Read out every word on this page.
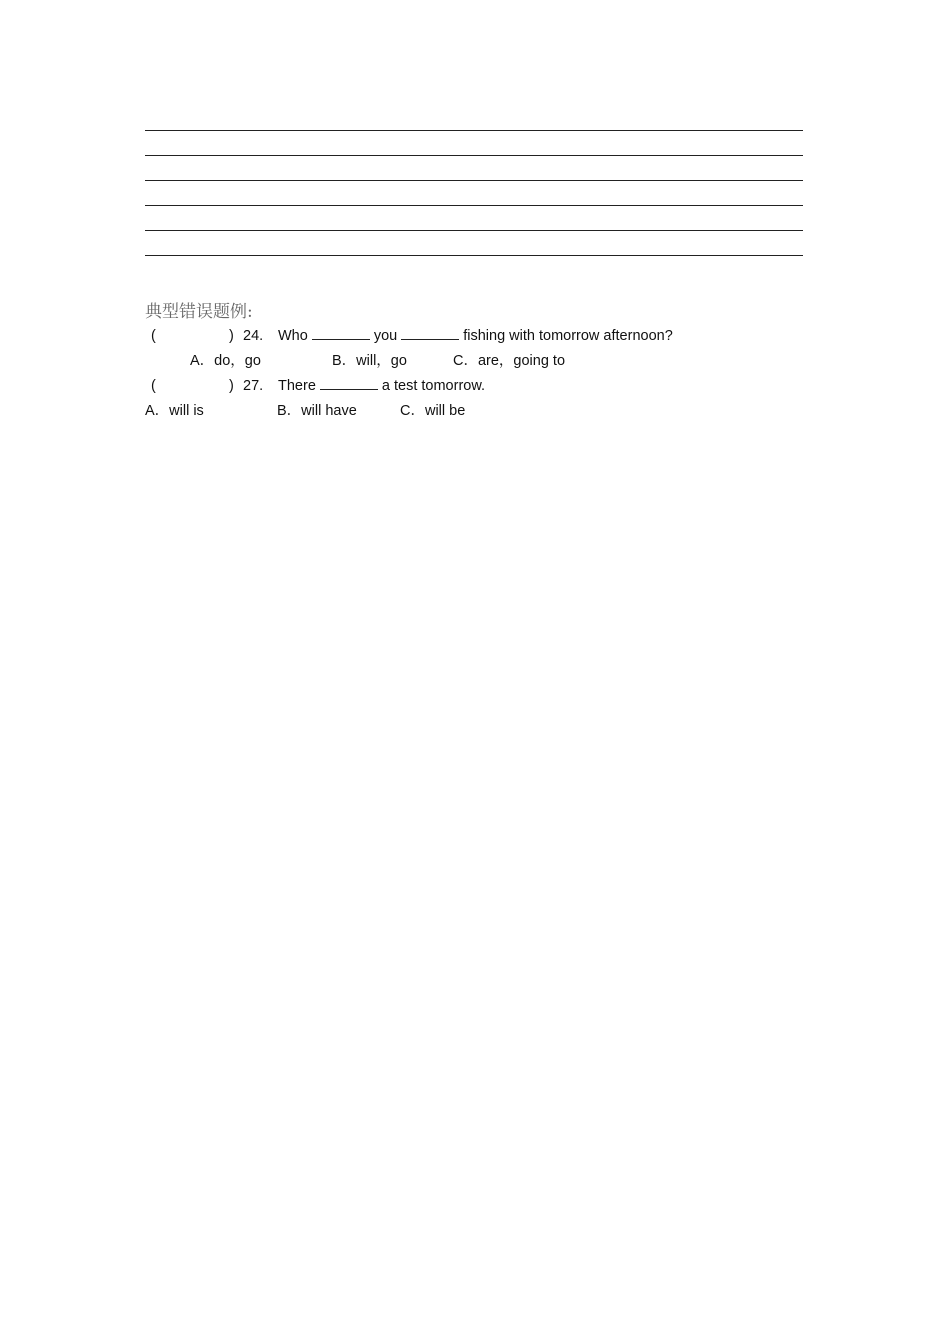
典型错误题例:
(	) 24. Who	you	fishing with tomorrow afternoon?
A．do，go	B．will，go	C．are，going to
(	) 27. There	a test tomorrow.
A．will is	B．will have	C．will be
